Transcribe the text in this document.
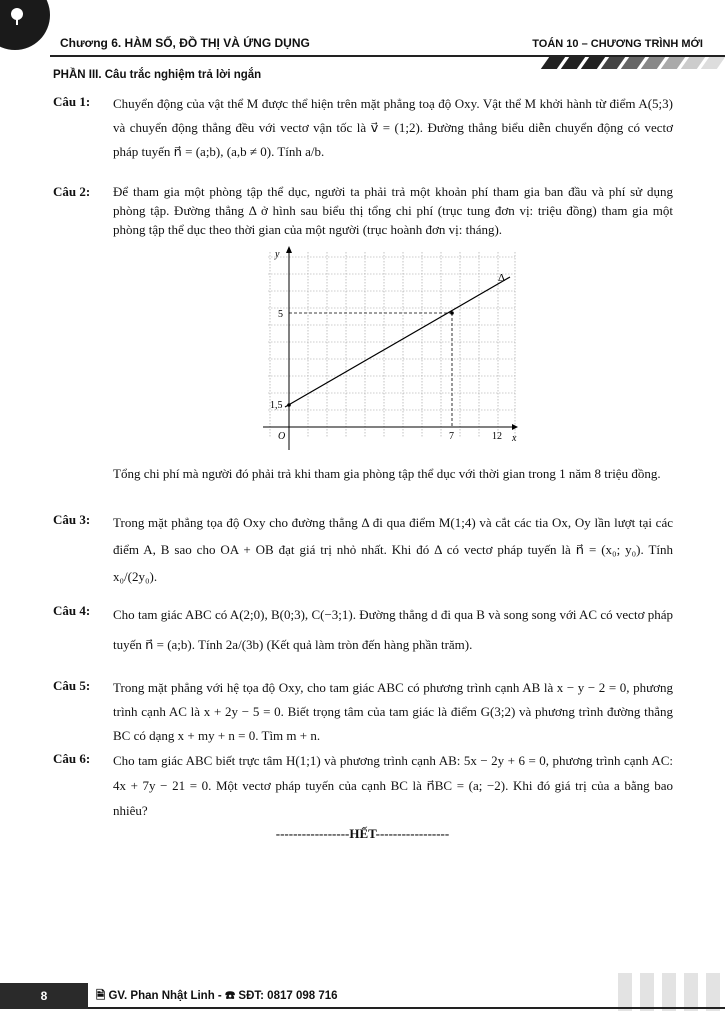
Chương 6. HÀM SỐ, ĐỒ THỊ VÀ ỨNG DỤNG	TOÁN 10 – CHƯƠNG TRÌNH MỚI
PHẦN III. Câu trắc nghiệm trả lời ngắn
Câu 1: Chuyển động của vật thể M được thể hiện trên mặt phẳng toạ độ Oxy. Vật thể M khởi hành từ điểm A(5;3) và chuyển động thẳng đều với vectơ vận tốc là v⃗ = (1;2). Đường thẳng biểu diễn chuyển động có vectơ pháp tuyến n⃗ = (a;b), (a,b ≠ 0). Tính a/b.
Câu 2: Để tham gia một phòng tập thể dục, người ta phải trả một khoản phí tham gia ban đầu và phí sử dụng phòng tập. Đường thẳng Δ ở hình sau biểu thị tổng chi phí (trục tung đơn vị: triệu đồng) tham gia một phòng tập thể dục theo thời gian của một người (trục hoành đơn vị: tháng).
y
x
O
Δ
1,5
5
7	12
Tổng chi phí mà người đó phải trả khi tham gia phòng tập thể dục với thời gian trong 1 năm 8 triệu đồng.
Câu 3: Trong mặt phẳng tọa độ Oxy cho đường thẳng Δ đi qua điểm M(1;4) và cắt các tia Ox, Oy lần lượt tại các điểm A, B sao cho OA + OB đạt giá trị nhỏ nhất. Khi đó Δ có vectơ pháp tuyến là n⃗ = (x₀; y₀). Tính x₀/(2y₀).
Câu 4: Cho tam giác ABC có A(2;0), B(0;3), C(−3;1). Đường thẳng d đi qua B và song song với AC có vectơ pháp tuyến n⃗ = (a;b). Tính 2a/(3b) (Kết quả làm tròn đến hàng phần trăm).
Câu 5: Trong mặt phẳng với hệ tọa độ Oxy, cho tam giác ABC có phương trình cạnh AB là x − y − 2 = 0, phương trình cạnh AC là x + 2y − 5 = 0. Biết trọng tâm của tam giác là điểm G(3;2) và phương trình đường thẳng BC có dạng x + my + n = 0. Tìm m + n.
Câu 6: Cho tam giác ABC biết trực tâm H(1;1) và phương trình cạnh AB: 5x − 2y + 6 = 0, phương trình cạnh AC: 4x + 7y − 21 = 0. Một vectơ pháp tuyến của cạnh BC là n⃗BC = (a; −2). Khi đó giá trị của a bằng bao nhiêu?
-----------------HẾT-----------------
8	🗎 GV. Phan Nhật Linh - ☎ SĐT: 0817 098 716
